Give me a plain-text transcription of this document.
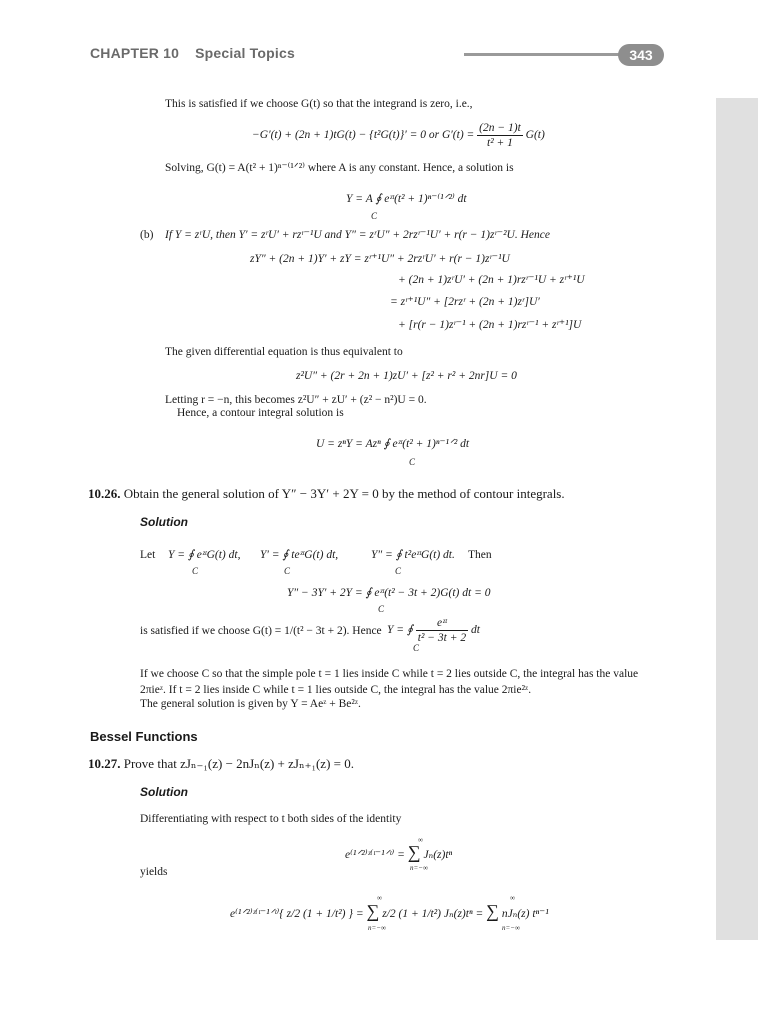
CHAPTER 10 Special Topics	343
This is satisfied if we choose G(t) so that the integrand is zero, i.e.,
−G′(t) + (2n + 1)tG(t) − {t²G(t)}′ = 0 or $G'(t) = \frac{(2n - 1)t}{\text{t² + 1}} G(t)$
Solving, G(t) = A(t² + 1)ⁿ⁻⁽¹ᐟ²⁾ where A is any constant. Hence, a solution is
Y = A ∮ eᶻᵗ(t² + 1)ⁿ⁻⁽¹ᐟ²⁾ dt
C
(b) If Y = zʳU, then Y′ = zʳU′ + rzʳ⁻¹U and Y″ = zʳU″ + 2rzʳ⁻¹U′ + r(r − 1)zʳ⁻²U. Hence
zY″ + (2n + 1)Y′ + zY = zʳ⁺¹U″ + 2rzʳU′ + r(r − 1)zʳ⁻¹U
+ (2n + 1)zʳU′ + (2n + 1)rzʳ⁻¹U + zʳ⁺¹U
= zʳ⁺¹U″ + [2rzʳ + (2n + 1)zʳ]U′
+ [r(r − 1)zʳ⁻¹ + (2n + 1)rzʳ⁻¹ + zʳ⁺¹]U
The given differential equation is thus equivalent to
z²U″ + (2r + 2n + 1)zU′ + [z² + r² + 2nr]U = 0
Letting r = −n, this becomes z²U″ + zU′ + (z² − n²)U = 0.
Hence, a contour integral solution is
U = zⁿY = Azⁿ ∮ eᶻᵗ(t² + 1)ⁿ⁻¹ᐟ² dt
C
10.26. Obtain the general solution of Y″ − 3Y′ + 2Y = 0 by the method of contour integrals.
Solution
Let Y = ∮ eᶻᵗG(t) dt, Y′ = ∮ teᶻᵗG(t) dt,	Y″ = ∮ t²eᶻᵗG(t) dt. Then
C	C	C
Y″ − 3Y′ + 2Y = ∮ eᶻᵗ(t² − 3t + 2)G(t) dt = 0
C
is satisfied if we choose G(t) = 1/(t² − 3t + 2). Hence Y = ∮ $\frac{\text{eᶻᵗ}}{\text{t² − 3t + 2}}$ dt
C
If we choose C so that the simple pole t = 1 lies inside C while t = 2 lies outside C, the integral has the value
2πieᶻ. If t = 2 lies inside C while t = 1 lies outside C, the integral has the value 2πie²ᶻ.
The general solution is given by Y = Aeᶻ + Be²ᶻ.
Bessel Functions
10.27. Prove that zJₙ₋₁(z) − 2nJₙ(z) + zJₙ₊₁(z) = 0.
Solution
Differentiating with respect to t both sides of the identity
e⁽¹ᐟ²⁾ᶻ⁽ᵗ⁻¹ᐟᵗ⁾ = ∑ Jₙ(z)tⁿ
∞
n=−∞
yields
e⁽¹ᐟ²⁾ᶻ⁽ᵗ⁻¹ᐟᵗ⁾{ z/2 (1 + 1/t²) } = ∑ z/2 (1 + 1/t²) Jₙ(z)tⁿ = ∑ nJₙ(z) tⁿ⁻¹
∞
n=−∞
∞
n=−∞
